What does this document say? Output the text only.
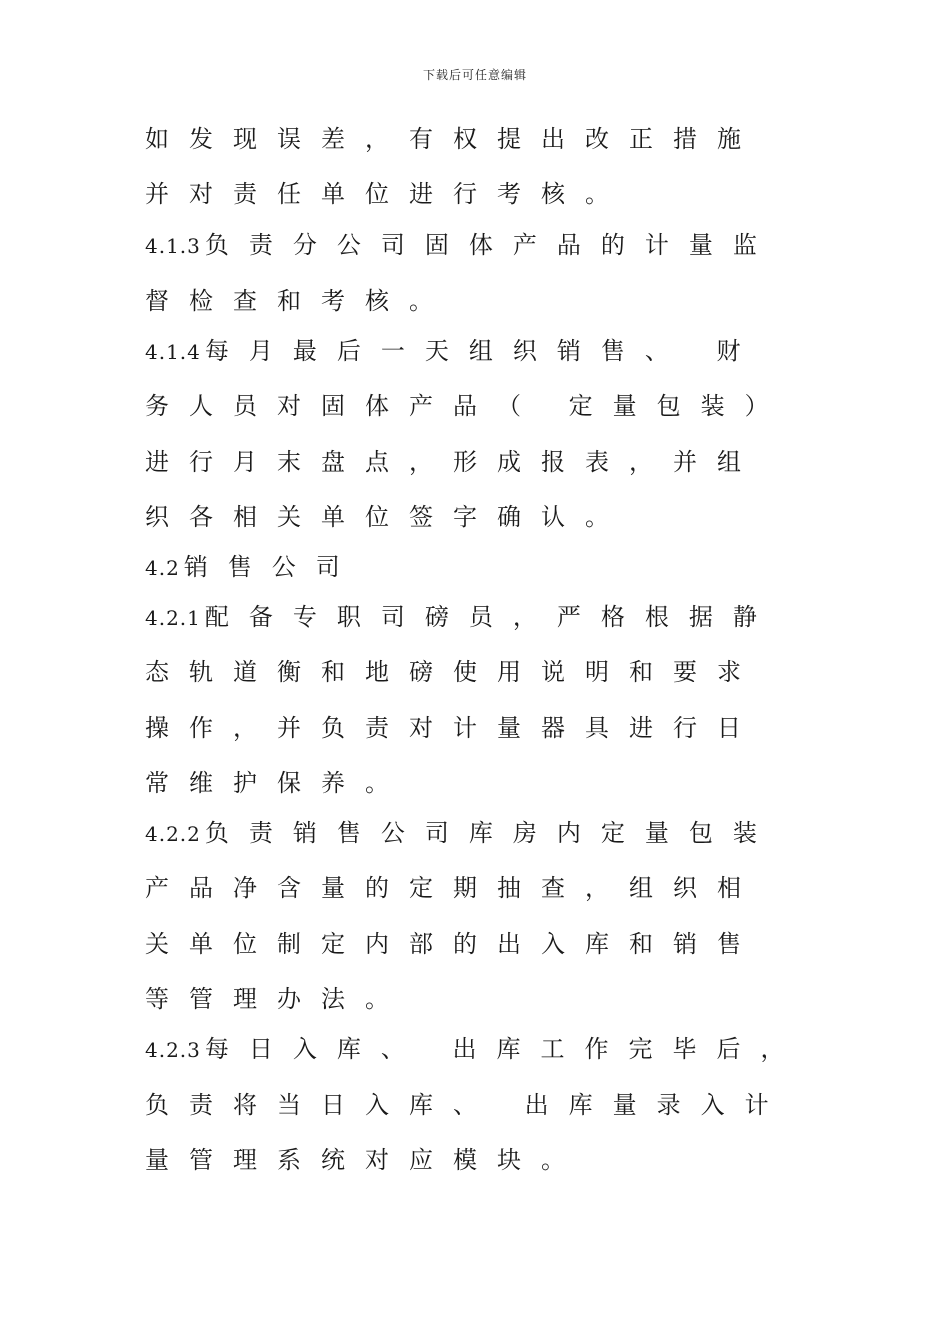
下载后可任意编辑
如发现误差，有权提出改正措施
并对责任单位进行考核。
4.1.3 负责分公司固体产品的计量监
督检查和考核。
4.1.4 每月最后一天组织销售、 财
务人员对固体产品（ 定量包装）
进行月末盘点，形成报表，并组
织各相关单位签字确认。
4.2 销售公司
4.2.1 配备专职司磅员，严格根据静
态轨道衡和地磅使用说明和要求
操作，并负责对计量器具进行日
常维护保养。
4.2.2 负责销售公司库房内定量包装
产品净含量的定期抽查，组织相
关单位制定内部的出入库和销售
等管理办法。
4.2.3 每日入库、 出库工作完毕后，
负责将当日入库、 出库量录入计
量管理系统对应模块。
